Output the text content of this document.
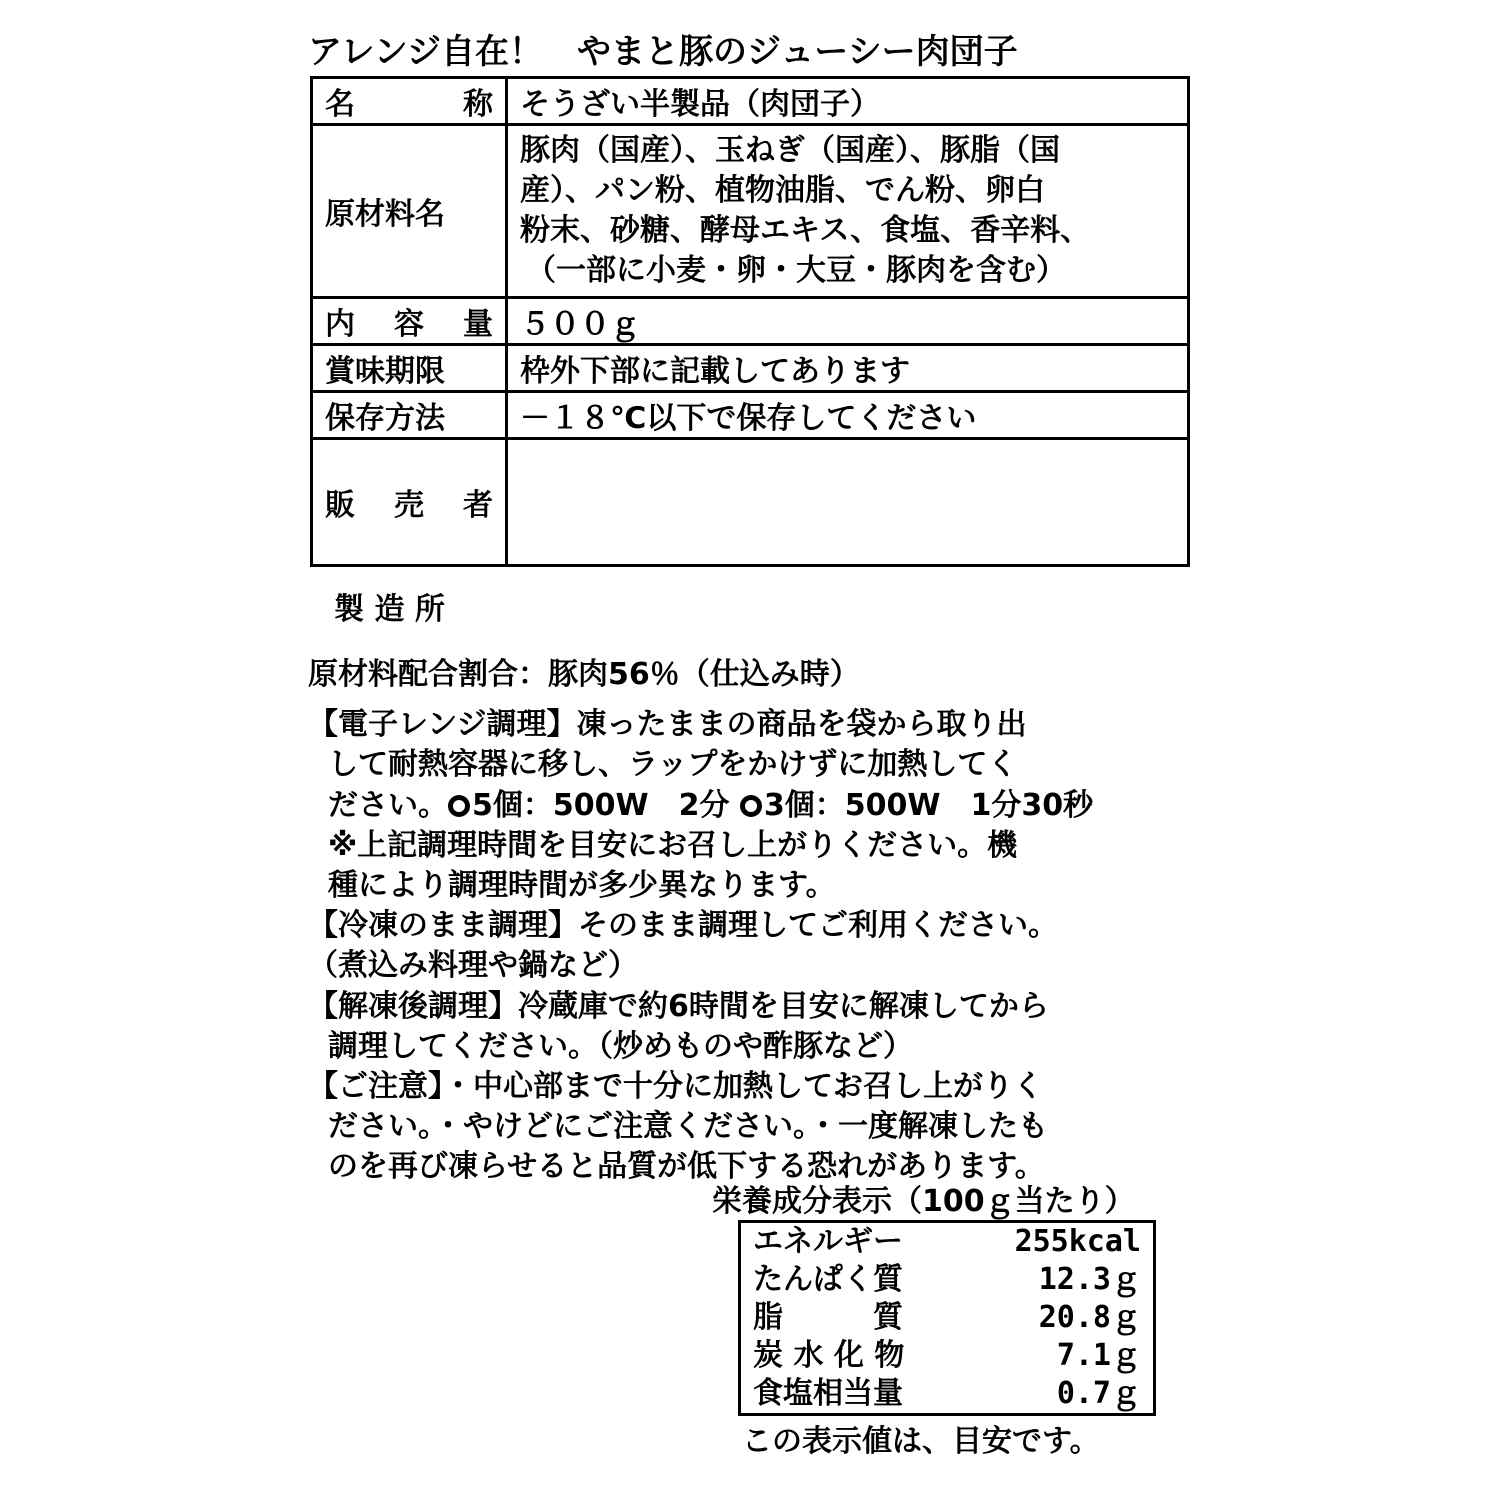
アレンジ自在！　やまと豚のジューシー肉団子
名 称	そうざい半製品（肉団子）
原材料名	豚肉（国産）、玉ねぎ（国産）、豚脂（国
産）、パン粉、植物油脂、でん粉、卵白
粉末、砂糖、酵母エキス、食塩、香辛料、
（一部に小麦・卵・大豆・豚肉を含む）

内 容 量	５００ｇ
賞味期限	枠外下部に記載してあります
保存方法	－１８℃以下で保存してください

販 売 者	

製 造 所

原材料配合割合：豚肉56％（仕込み時）

【電子レンジ調理】凍ったままの商品を袋から取り出

して耐熱容器に移し、ラップをかけずに加熱してく

ださい。 5個：500W　2分 3個：500W　1分30秒

※上記調理時間を目安にお召し上がりください。機

種により調理時間が多少異なります。

【冷凍のまま調理】そのまま調理してご利用ください。

（煮込み料理や鍋など）

【解凍後調理】冷蔵庫で約6時間を目安に解凍してから

調理してください。（炒めものや酢豚など）

【ご注意】・中心部まで十分に加熱してお召し上がりく

ださい。・やけどにご注意ください。・一度解凍したも

のを再び凍らせると品質が低下する恐れがあります。

栄養成分表示（100ｇ当たり）
エネルギー	255kcal
たんぱく質	12.3ｇ
脂　　　質	20.8ｇ
炭 水 化 物	7.1ｇ
食塩相当量	0.7ｇ
この表示値は、目安です。
